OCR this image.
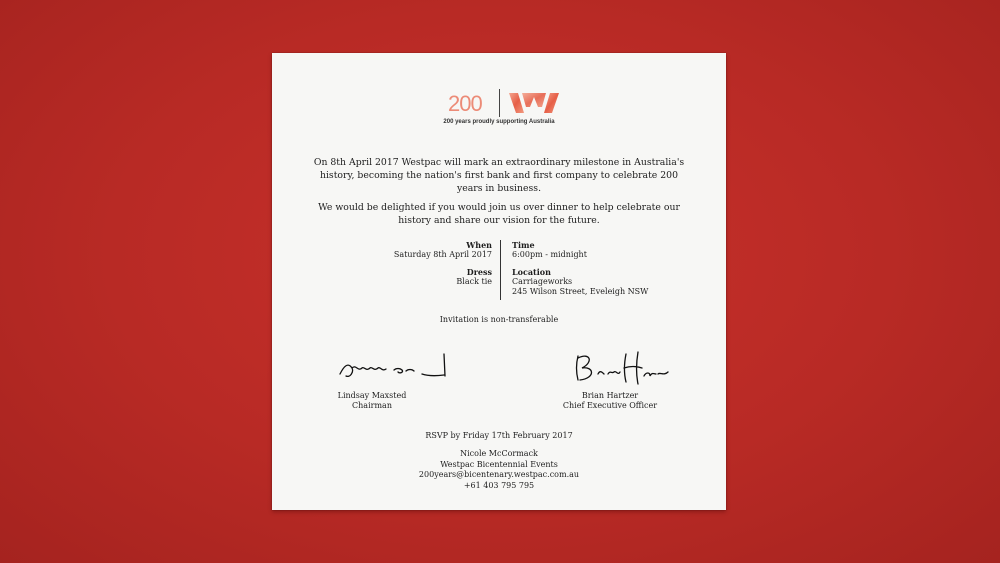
200
200 years proudly supporting Australia

On 8th April 2017 Westpac will mark an extraordinary milestone in Australia's history, becoming the nation's first bank and first company to celebrate 200 years in business.

We would be delighted if you would join us over dinner to help celebrate our history and share our vision for the future.

When
Saturday 8th April 2017
Time
6:00pm - midnight
Dress
Black tie
Location
Carriageworks
245 Wilson Street, Eveleigh NSW
Invitation is non-transferable
Lindsay Maxsted
Chairman
Brian Hartzer
Chief Executive Officer
RSVP by Friday 17th February 2017
Nicole McCormack
Westpac Bicentennial Events
200years@bicentenary.westpac.com.au
+61 403 795 795
